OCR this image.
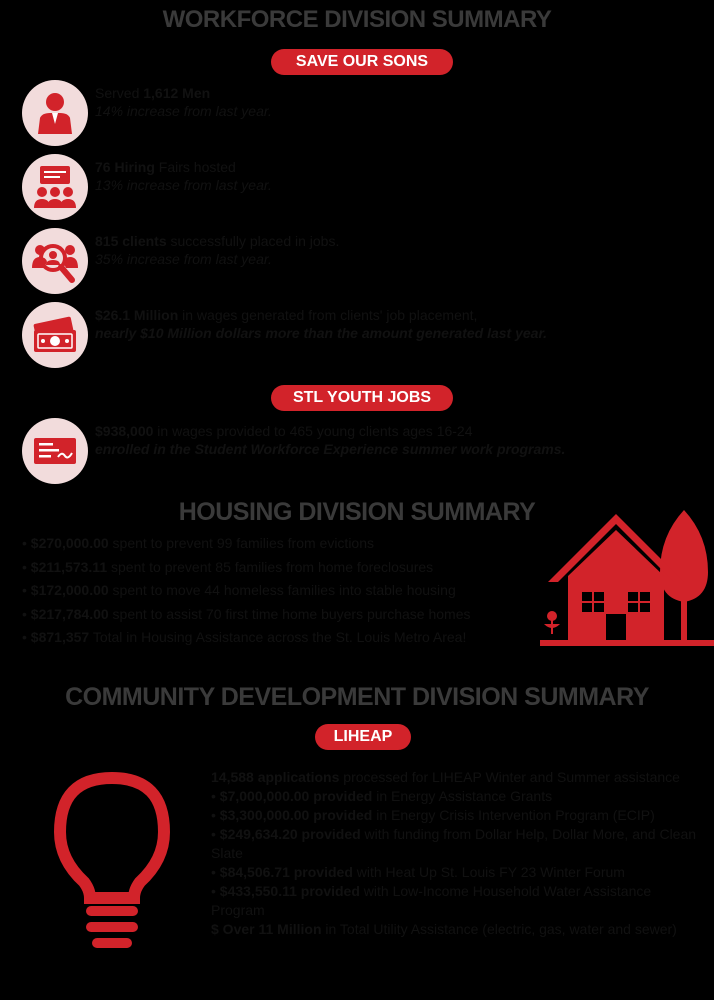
WORKFORCE DIVISION SUMMARY
SAVE OUR SONS
Served 1,612 Men
14% increase from last year.
76 Hiring Fairs hosted
13% increase from last year.
815 clients successfully placed in jobs.
35% increase from last year.
$26.1 Million in wages generated from clients' job placement,
nearly $10 Million dollars more than the amount generated last year.
STL YOUTH JOBS
$938,000 in wages provided to 465 young clients ages 16-24
enrolled in the Student Workforce Experience summer work programs.
HOUSING DIVISION SUMMARY
• $270,000.00 spent to prevent 99 families from evictions
• $211,573.11 spent to prevent 85 families from home foreclosures
• $172,000.00 spent to move 44 homeless families into stable housing
• $217,784.00 spent to assist 70 first time home buyers purchase homes
• $871,357 Total in Housing Assistance across the St. Louis Metro Area!
COMMUNITY DEVELOPMENT DIVISION SUMMARY
LIHEAP
14,588 applications processed for LIHEAP Winter and Summer assistance
• $7,000,000.00 provided in Energy Assistance Grants
• $3,300,000.00 provided in Energy Crisis Intervention Program (ECIP)
• $249,634.20 provided with funding from Dollar Help, Dollar More, and Clean Slate
• $84,506.71 provided with Heat Up St. Louis FY 23 Winter Forum
• $433,550.11 provided with Low-Income Household Water Assistance Program
$ Over 11 Million in Total Utility Assistance (electric, gas, water and sewer)
